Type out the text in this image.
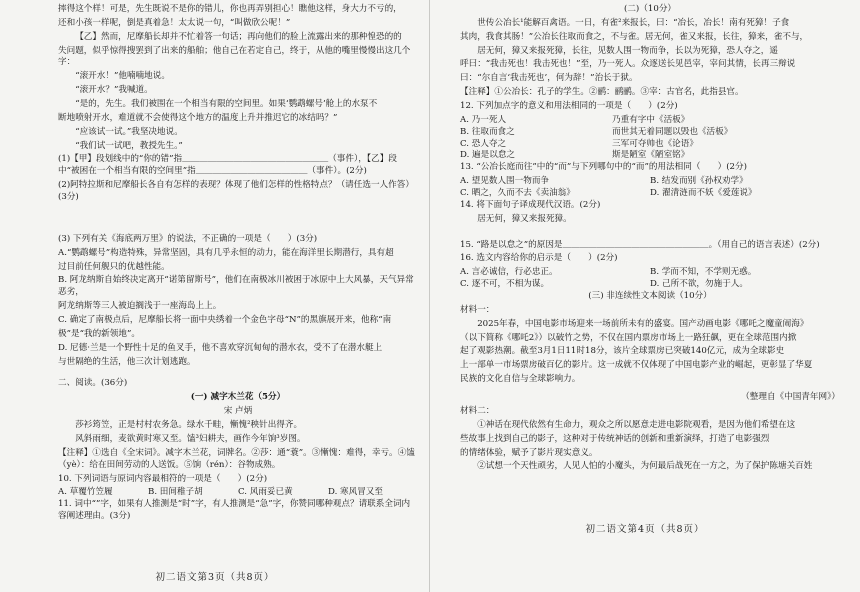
摔得这个样！可是，先生既说不是你的错儿，你也再弄别担心！瞧他这样，身大力不亏的，

还和小孩一样呢，倒是真着急！太太说一句，“叫做欣公呢！”

【乙】然而，尼摩船长却并不忙着答一句话；再向他们的脸上流露出来的那种惶恐的的

失问题，似乎惊得搜罢到了出来的船舶；他自己在若定自己，终于，从他的嘴里慢慢出这几个字：

“滚开水！”他喃喃地说。

“滚开水？”我喊道。

“是的，先生。我们被围在一个相当有限的空间里。如果‘鹦鹉螺号’舱上的水泵不

断地喷射开水，难道就不会使得这个地方的温度上升并推迟它的冰结吗？”

“应该试一试。”我坚决地说。

“我们试一试吧，教授先生。”

(1)【甲】段划线中的“你的错”指＿＿＿＿＿＿＿＿＿＿＿＿＿＿＿＿＿（事件），【乙】段中“被困在一个相当有限的空间里”指＿＿＿＿＿＿＿＿＿＿＿＿＿（事件）。(2分)

(2)阿特拉斯和尼摩船长各自有怎样的表现？体现了他们怎样的性格特点？（请任选一人作答）(3分)

(3) 下列有关《海底两万里》的说法，不正确的一项是（　　）(3分)

A.“鹦鹉螺号”构造特殊，异常坚固，具有几乎永恒的动力，能在海洋里长期潜行，具有超

过目前任何舰只的优越性能。

B. 阿龙纳斯自始终决定离开“诺第留斯号”，他们在南极冰川被困于冰原中上大风暴，天气异常恶劣，

阿龙纳斯等三人被迫搁浅于一座海岛上上。

C. 确定了南极点后，尼摩船长将一面中央绣着一个金色字母“N”的黑旗展开来，他称“南

极”是“我的新领地”。

D. 尼德·兰是一个野性十足的鱼叉手，他不喜欢穿沉甸甸的潜水衣，受不了在潜水艇上

与世隔绝的生活，他三次计划逃跑。

二、阅读。(36分)

(一) 减字木兰花（5分）

宋 卢炳

莎衫筠笠，正是村村农务急。绿水千畦，慚愧²秧针出得齐。

风斜雨细，麦欲黄时寒又至。馌³妇耕夫，画作今年饷³岁图。

【注释】①选自《全宋词》。减字木兰花，词牌名。②莎：通“蓑”。③慚愧：难得，幸亏。④馌（yè）：给在田间劳动的人送饭。⑤饷（rén）：谷物成熟。

10. 下列词语与原词内容最相符的一项是（　　）(2分)

A. 草覆竹笠履	B. 田间稚子胡	C. 风雨妥已黄	D. 寒风冒又至

11. 词中“”字，如果有人推测是“时”字，有人推测是“急”字，你赞同哪种观点？请联系全词内容阐述理由。(3分)

初二语文第3页（共8页）

(二)（10分）

世传公冶长¹能解百禽语。一日，有雀²来报长，曰：“冶长，冶长！南有死獐！子食

其肉，我食其肠！”公冶长往取而食之，不与雀。居无何，雀又来报，长往，獐来，雀不与，

居无何，獐又来报死獐，长往，见数人围一物而争，长以为死獐，恐人夺之，遥

呼曰：“我击死也！我击死也！”至，乃一死人。众逐送长见邑宰，宰问其情，长再三辩说

曰：“尔自言‘我击死也’，何为辞！”治长于狱。

【注释】①公冶长：孔子的学生。②鹂：鹂鹂。③宰：古官名，此指县官。

12. 下列加点字的意义和用法相同的一项是（　　）(2分)

A. 乃一死人	乃重有字中《活板》
B. 往取而食之	而世其无着同题以毁也《活板》
C. 恐人夺之	三军可夺帅也《论语》
D. 遍是以怠之	斯是陋室《陋室铭》

13. “公冶长庭而往”中的“而”与下列哪句中的“而”的用法相同（　　）(2分)

A. 望见数人围一物而争	B. 结发而别《孙权劝学》
C. 晒之，久而不去《卖油翁》	D. 濯清涟而不妖《爱莲说》

14. 将下面句子译成现代汉语。(2分)

居无何，獐又来报死獐。

15. “路是以怠之”的原因是＿＿＿＿＿＿＿＿＿＿＿＿＿＿＿＿＿。（用自己的语言表述）(2分)

16. 选文内容给你的启示是（　　）(2分)

A. 言必诚信，行必忠正。	B. 学而不知，不学则无惑。
C. 逐不可，不相为谋。	D. 己所不欲，勿施于人。

(三) 非连续性文本阅读（10分）

材料一：

2025年春，中国电影市场迎来一场前所未有的盛宴。国产动画电影《哪吒之魔童闹海》

（以下简称《哪吒2》）以破竹之势，不仅在国内票房市场上一路狂飙，更在全球范围内掀

起了观影热潮。截至3月1日11时18分，该片全球票房已突破140亿元，成为全球影史

上一部单一市场票房破百亿的影片。这一成就不仅体现了中国电影产业的崛起，更彰显了华夏

民族的文化自信与全球影响力。

（整理自《中国青年网》）

材料二：

①神话在现代依然有生命力，观众之所以愿意走进电影院观看，是因为他们希望在这

些故事上找到自己的影子，这种对于传统神话的创新和重新演绎，打造了电影强烈

的情绪体验，赋予了影片现实意义。

②试想一个天性顽劣，人见人怕的小魔头，为何最后战死在一方之，为了保护陈塘关百姓

初二语文第4页（共8页）
